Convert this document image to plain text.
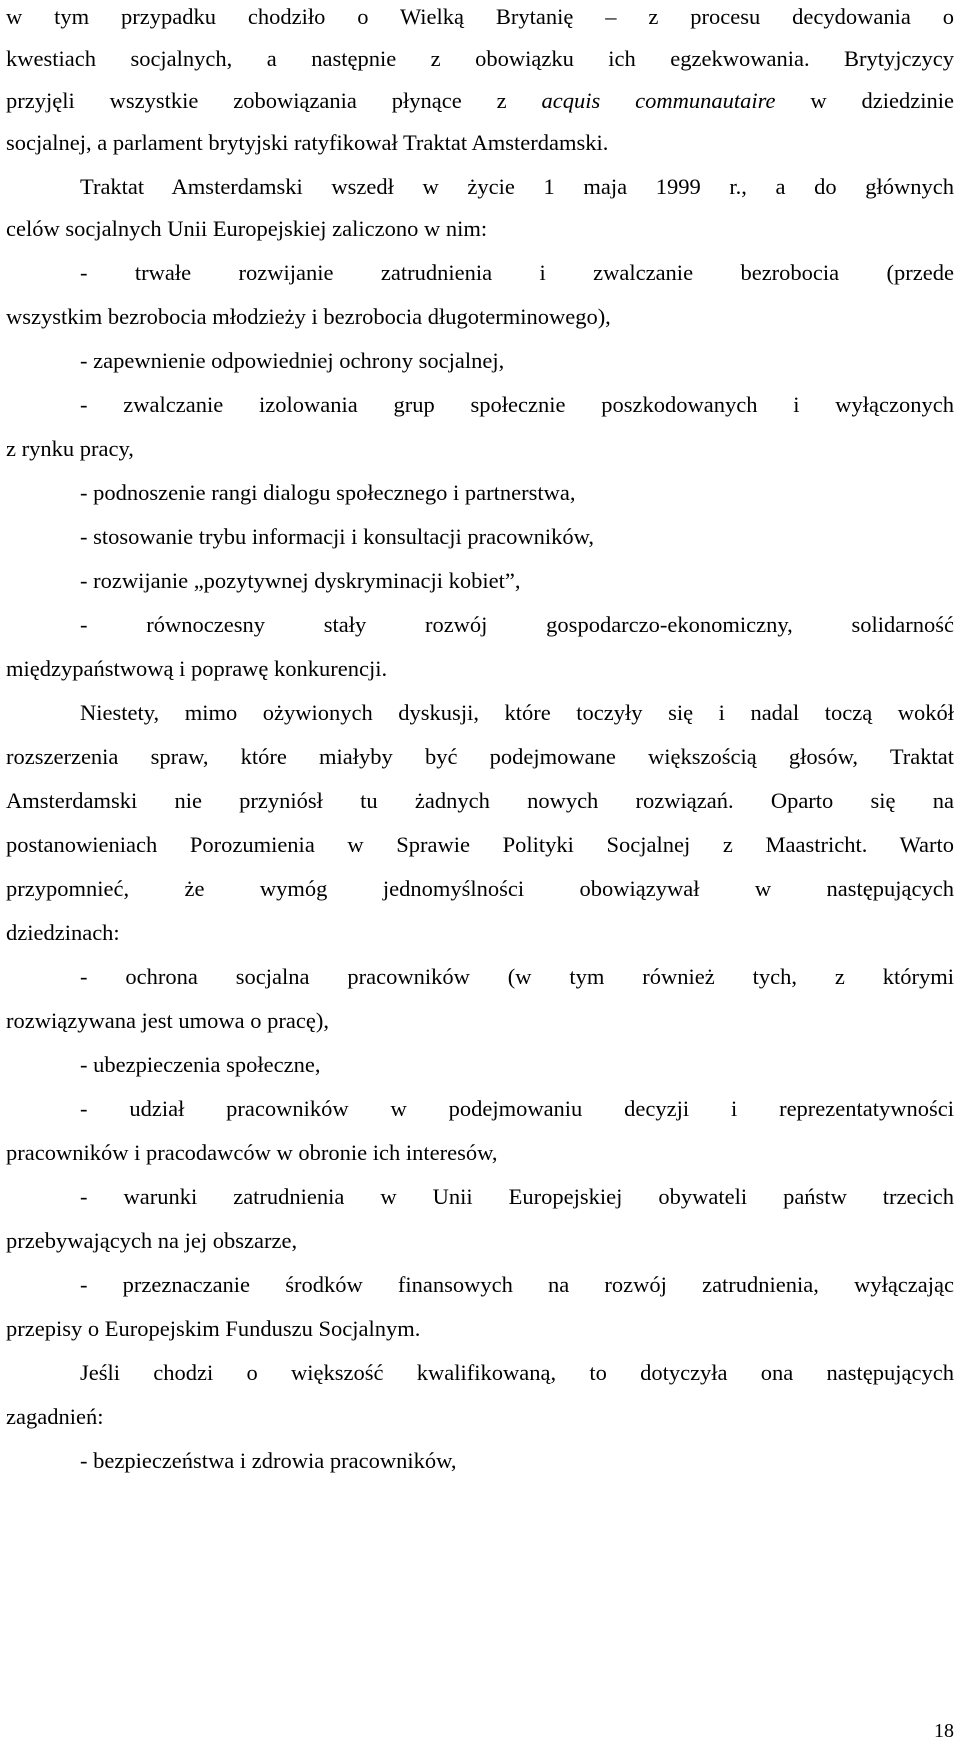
w tym przypadku chodziło o Wielką Brytanię – z procesu decydowania o
kwestiach socjalnych, a następnie z obowiązku ich egzekwowania. Brytyjczycy
przyjęli wszystkie zobowiązania płynące z acquis communautaire w dziedzinie
socjalnej, a parlament brytyjski ratyfikował Traktat Amsterdamski.
Traktat Amsterdamski wszedł w życie 1 maja 1999 r., a do głównych
celów socjalnych Unii Europejskiej zaliczono w nim:
- trwałe rozwijanie zatrudnienia i zwalczanie bezrobocia (przede
wszystkim bezrobocia młodzieży i bezrobocia długoterminowego),
- zapewnienie odpowiedniej ochrony socjalnej,
- zwalczanie izolowania grup społecznie poszkodowanych i wyłączonych
z rynku pracy,
- podnoszenie rangi dialogu społecznego i partnerstwa,
- stosowanie trybu informacji i konsultacji pracowników,
- rozwijanie „pozytywnej dyskryminacji kobiet”,
- równoczesny stały rozwój gospodarczo-ekonomiczny, solidarność
międzypaństwową i poprawę konkurencji.
Niestety, mimo ożywionych dyskusji, które toczyły się i nadal toczą wokół
rozszerzenia spraw, które miałyby być podejmowane większością głosów, Traktat
Amsterdamski nie przyniósł tu żadnych nowych rozwiązań. Oparto się na
postanowieniach Porozumienia w Sprawie Polityki Socjalnej z Maastricht. Warto
przypomnieć, że wymóg jednomyślności obowiązywał w następujących
dziedzinach:
- ochrona socjalna pracowników (w tym również tych, z którymi
rozwiązywana jest umowa o pracę),
- ubezpieczenia społeczne,
- udział pracowników w podejmowaniu decyzji i reprezentatywności
pracowników i pracodawców w obronie ich interesów,
- warunki zatrudnienia w Unii Europejskiej obywateli państw trzecich
przebywających na jej obszarze,
- przeznaczanie środków finansowych na rozwój zatrudnienia, wyłączając
przepisy o Europejskim Funduszu Socjalnym.
Jeśli chodzi o większość kwalifikowaną, to dotyczyła ona następujących
zagadnień:
- bezpieczeństwa i zdrowia pracowników,
18
